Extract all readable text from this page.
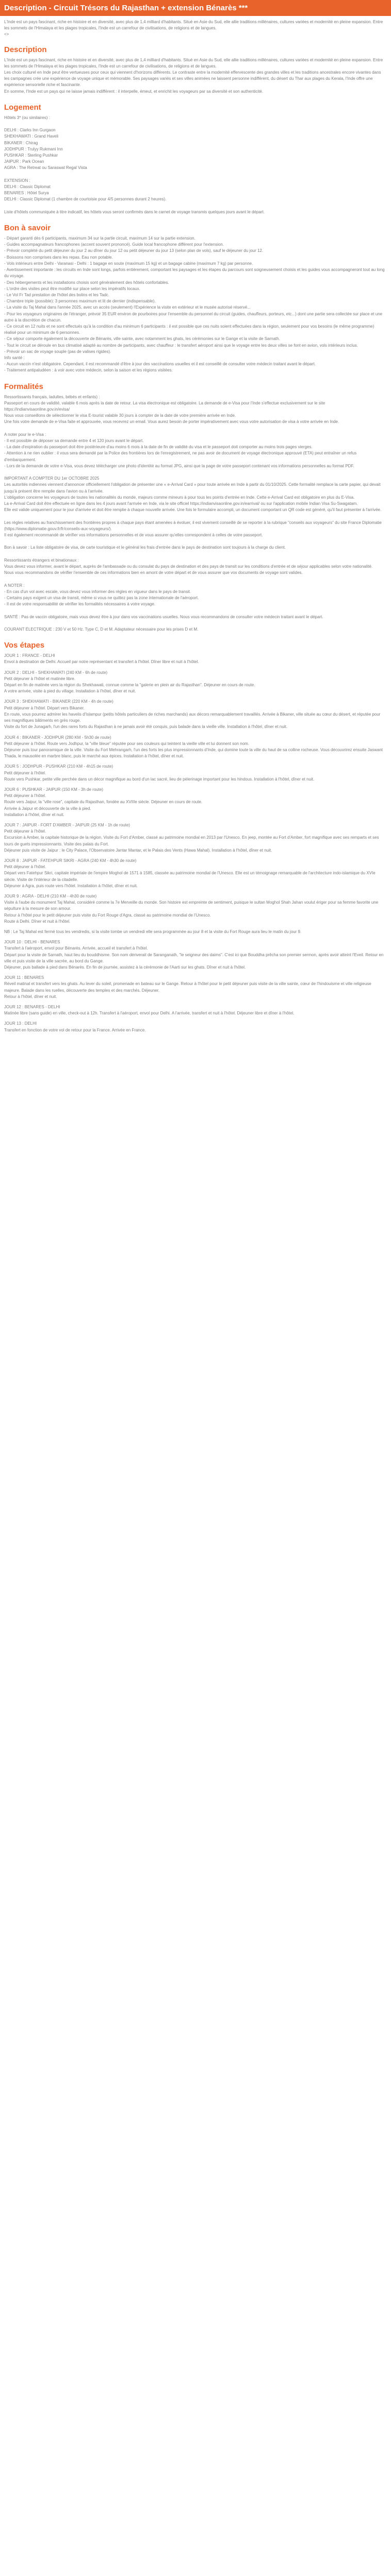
Description - Circuit Trésors du Rajasthan + extension Bénarès ***

L'Inde est un pays fascinant, riche en histoire et en diversité, avec plus de 1,4 milliard d'habitants. Situé en Asie du Sud, elle allie traditions millénaires, cultures variées et modernité en pleine expansion. Entre les sommets de l'Himalaya et les plages tropicales, l'Inde est un carrefour de civilisations, de religions et de langues.
<>

Description

L'Inde est un pays fascinant, riche en histoire et en diversité, avec plus de 1,4 milliard d'habitants. Situé en Asie du Sud, elle allie traditions millénaires, cultures variées et modernité en pleine expansion. Entre les sommets de l'Himalaya et les plages tropicales, l'Inde est un carrefour de civilisations, de religions et de langues.
Les choix culturel en Inde peut être vertueuses pour ceux qui viennent d'horizons différents. Le contraste entre la modernité effervescente des grandes villes et les traditions ancestrales encore vivantes dans les campagnes crée une expérience de voyage unique et mémorable. Ses paysages variés et ses villes animées ne laissent personne indifférent, du désert du Thar aux plages du Kerala, l'Inde offre une expérience sensorielle riche et fascinante.
En somme, l'Inde est un pays qui ne laisse jamais indifférent : il interpelle, émeut, et enrichit les voyageurs par sa diversité et son authenticité.

Logement

Hôtels 3* (ou similaires) :

DELHI : Clarks Inn Gurgaon
SHEKHAWATI : Grand Haveli
BIKANER : Chirag
JODHPUR : Trulyy Rukmani Inn
PUSHKAR : Sterling Pushkar
JAIPUR : Park Ocean
AGRA : The Retreat ou Saraswat Regal Vista

EXTENSION :
DELHI : Classic Diplomat
BENARES : Hôtel Surya
DELHI : Classic Diplomat (1 chambre de courtoisie pour 4/5 personnes durant 2 heures).

Liste d'hôtels communiquée à titre indicatif, les hôtels vous seront confirmés dans le carnet de voyage transmis quelques jours avant le départ.

Bon à savoir

- Départ garanti dès 6 participants, maximum 34 sur la partie circuit, maximum 14 sur la partie extension.
- Guides accompagnateurs francophones (accent souvent prononcé). Guide local francophone différent pour l'extension.
- Prévoir complété du petit déjeuner du jour 2 au dîner du jour 12 ou petit déjeuner du jour 13 (selon plan de vols), sauf le déjeuner du jour 12.
- Boissons non comprises dans les repas. Eau non potable.
- Vols intérieurs entre Delhi - Varanasi - Delhi : 1 bagage en soute (maximum 15 kg) et un bagage cabine (maximum 7 kg) par personne.
- Avertissement importante : les circuits en Inde sont longs, parfois entièrement, comportant les paysages et les étapes du parcours sont soigneusement choisis et les guides vous accompagneront tout au long du voyage.
- Des hébergements et les installations choisis sont généralement des hôtels confortables.
- L'ordre des visites peut être modifié sur place selon les impératifs locaux.
- Le Vol Fr Tad prestation de l'hôtel des bolins et les Tadc.
- Chambre triple (possible): 3 personnes maximum et lit de dernier (indispensable).
- La visite du Taj Mahal dans l'année 2025, avec un accès (seulement) l'Expérience la visite en extérieur et le musée autorisé réservé...
- Pour les voyageurs originaires de l'étranger, prévoir 35 EUR environ de pourboires pour l'ensemble du personnel du circuit (guides, chauffeurs, porteurs, etc...) dont une partie sera collectée sur place et une autre à la discrétion de chacun.
- Ce circuit en 12 nuits et ne sont effectués qu'à la condition d'au minimum 6 participants : il est possible que ces nuits soient effectuées dans la région, seulement pour vos besoins (le même programme) réalisé pour un minimum de 6 personnes.
- Ce séjour comporte également la découverte de Bénarès, ville sainte, avec notamment les ghats, les cérémonies sur le Gange et la visite de Sarnath.
- Tout le circuit se déroule en bus climatisé adapté au nombre de participants, avec chauffeur : le transfert aéroport ainsi que le voyage entre les deux villes se font en avion, vols intérieurs inclus.
- Prévoir un sac de voyage souple (pas de valises rigides).
Info santé :
- Aucun vaccin n'est obligatoire. Cependant, il est recommandé d'être à jour des vaccinations usuelles et il est conseillé de consulter votre médecin traitant avant le départ.
- Traitement antipaludéen : à voir avec votre médecin, selon la saison et les régions visitées.

Formalités

Ressortissants français, ladultes, bébés et enfants) :
Passeport en cours de validité, valable 6 mois après la date de retour. La visa électronique est obligatoire. La demande de e-Visa pour l'Inde s'effectue exclusivement sur le site https://indianvisaonline.gov.in/evisa/
Nous vous conseillons de sélectionner le visa E-tourist valable 30 jours à compter de la date de votre première arrivée en Inde.
Une fois votre demande de e-Visa faite et approuvée, vous recevrez un email. Vous aurez besoin de porter impérativement avec vous votre autorisation de visa à votre arrivée en Inde.

A noter pour le e-Visa :
- Il est possible de déposer sa demande entre 4 et 120 jours avant le départ.
- La date d'expiration du passeport doit être postérieure d'au moins 6 mois à la date de fin de validité du visa et le passeport doit comporter au moins trois pages vierges.
- Attention à ne rien oublier : il vous sera demandé par la Police des frontières lors de l'enregistrement, ne pas avoir de document de voyage électronique approuvé (ETA) peut entraîner un refus d'embarquement.
- Lors de la demande de votre e-Visa, vous devez télécharger une photo d'identité au format JPG, ainsi que la page de votre passeport contenant vos informations personnelles au format PDF.

IMPORTANT A COMPTER DU 1er OCTOBRE 2025
Les autorités indiennes viennent d'annoncer officiellement l'obligation de présenter une « e-Arrival Card » pour toute arrivée en Inde à partir du 01/10/2025. Cette formalité remplace la carte papier, qui devait jusqu'à présent être remplie dans l'avion ou à l'arrivée.
L'obligation concerne les voyageurs de toutes les nationalités du monde, majeurs comme mineurs à pour tous les points d'entrée en Inde. Cette e-Arrival Card est obligatoire en plus du E-Visa.
La e-Arrival Card doit être effectuée en ligne dans les 4 jours avant l'arrivée en Inde, via le site officiel https://indianvisaonline.gov.in/earrival/ ou sur l'application mobile Indian Visa Su-Swagatam.
Elle est valide uniquement pour le jour d'arrivée et doit être remplie à chaque nouvelle arrivée. Une fois le formulaire accompli, un document comportant un QR code est généré, qu'il faut présenter à l'arrivée.

Les règles relatives au franchissement des frontières propres à chaque pays étant amenées à évoluer, il est vivement conseillé de se reporter à la rubrique "conseils aux voyageurs" du site France Diplomatie (https://www.diplomatie.gouv.fr/fr/conseils-aux-voyageurs/).
Il est également recommandé de vérifier vos informations personnelles et de vous assurer qu'elles correspondent à celles de votre passeport.

Bon à savoir : La liste obligatoire de visa, de carte touristique et le général les frais d'entrée dans le pays de destination sont toujours à la charge du client.

Ressortissants étrangers et binationaux :
Vous devez vous informer, avant le départ, auprès de l'ambassade ou du consulat du pays de destination et des pays de transit sur les conditions d'entrée et de séjour applicables selon votre nationalité.
Nous vous recommandons de vérifier l'ensemble de ces informations bien en amont de votre départ et de vous assurer que vos documents de voyage sont valides.

A NOTER :
- En cas d'un vol avec escale, vous devez vous informer des règles en vigueur dans le pays de transit.
- Certains pays exigent un visa de transit, même si vous ne quittez pas la zone internationale de l'aéroport.
- Il est de votre responsabilité de vérifier les formalités nécessaires à votre voyage.

SANTÉ : Pas de vaccin obligatoire, mais vous devez être à jour dans vos vaccinations usuelles. Nous vous recommandons de consulter votre médecin traitant avant le départ.

COURANT ÉLECTRIQUE : 230 V et 50 Hz. Type C, D et M. Adaptateur nécessaire pour les prises D et M.

Vos étapes

JOUR 1 : FRANCE - DELHI

Envol à destination de Delhi. Accueil par notre représentant et transfert à l'hôtel. Dîner libre et nuit à l'hôtel.

JOUR 2 : DELHI - SHEKHAWATI (240 KM - 6h de route)

Petit déjeuner à l'hôtel et matinée libre.
Départ en fin de matinée vers la région du Shekhawati, connue comme la "galerie en plein air du Rajasthan". Déjeuner en cours de route.
A votre arrivée, visite à pied du village. Installation à l'hôtel, dîner et nuit.

JOUR 3 : SHEKHAWATI - BIKANER (220 KM - 4h de route)

Petit déjeuner à l'hôtel. Départ vers Bikaner.
En route, vous pourrez admirer les havelis d'Islampur (petits hôtels particuliers de riches marchands) aux décors remarquablement travaillés. Arrivée à Bikaner, ville située au cœur du désert, et réputée pour ses magnifiques bâtiments en grès rouge.
Visite du fort de Junagarh, l'un des rares forts du Rajasthan à ne jamais avoir été conquis, puis balade dans la vieille ville. Installation à l'hôtel, dîner et nuit.

JOUR 4 : BIKANER - JODHPUR (280 KM - 5h30 de route)

Petit déjeuner à l'hôtel. Route vers Jodhpur, la "ville bleue" réputée pour ses couleurs qui teintent la vieille ville et lui donnent son nom.
Déjeuner puis tour panoramique de la ville. Visite du Fort Mehrangarh, l'un des forts les plus impressionnants d'Inde, qui domine toute la ville du haut de sa colline rocheuse. Vous découvrirez ensuite Jaswant Thada, le mausolée en marbre blanc, puis le marché aux épices. Installation à l'hôtel, dîner et nuit.

JOUR 5 : JODHPUR - PUSHKAR (210 KM - 4h15 de route)

Petit déjeuner à l'hôtel.
Route vers Pushkar, petite ville perchée dans un décor magnifique au bord d'un lac sacré, lieu de pèlerinage important pour les hindous. Installation à l'hôtel, dîner et nuit.

JOUR 6 : PUSHKAR - JAIPUR (150 KM - 3h de route)

Petit déjeuner à l'hôtel.
Route vers Jaipur, la "ville rose", capitale du Rajasthan, fondée au XVIIIe siècle. Déjeuner en cours de route.
Arrivée à Jaipur et découverte de la ville à pied.
Installation à l'hôtel, dîner et nuit.

JOUR 7 : JAIPUR - FORT D'AMBER - JAIPUR (25 KM - 1h de route)

Petit déjeuner à l'hôtel.
Excursion à Amber, la capitale historique de la région. Visite du Fort d'Amber, classé au patrimoine mondial en 2013 par l'Unesco. En jeep, montée au Fort d'Amber, fort magnifique avec ses remparts et ses tours de guets impressionnants. Visite des palais du Fort.
Déjeuner puis visite de Jaipur : le City Palace, l'Observatoire Jantar Mantar, et le Palais des Vents (Hawa Mahal). Installation à l'hôtel, dîner et nuit.

JOUR 8 : JAIPUR - FATEHPUR SIKRI - AGRA (240 KM - 4h30 de route)

Petit déjeuner à l'hôtel.
Départ vers Fatehpur Sikri, capitale impériale de l'empire Moghol de 1571 à 1585, classée au patrimoine mondial de l'Unesco. Elle est un témoignage remarquable de l'architecture indo-islamique du XVIe siècle. Visite de l'intérieur de la citadelle.
Déjeuner à Agra, puis route vers l'hôtel. Installation à l'hôtel, dîner et nuit.

JOUR 9 : AGRA - DELHI (210 KM - 4h30 de route)

Visite à l'aube du monument Taj Mahal, considéré comme la 7e Merveille du monde. Son histoire est empreinte de sentiment, puisque le sultan Moghol Shah Jahan voulut ériger pour sa femme favorite une sépulture à la mesure de son amour.
Retour à l'hôtel pour le petit déjeuner puis visite du Fort Rouge d'Agra, classé au patrimoine mondial de l'Unesco.
Route à Delhi. Dîner et nuit à l'hôtel.

NB : Le Taj Mahal est fermé tous les vendredis, si la visite tombe un vendredi elle sera programmée au jour 8 et la visite du Fort Rouge aura lieu le matin du jour 9.

JOUR 10 : DELHI - BENARES

Transfert à l'aéroport, envol pour Bénarès. Arrivée, accueil et transfert à l'hôtel.
Départ pour la visite de Sarnath, haut lieu du bouddhisme. Son nom dériverait de Saranganath, "le seigneur des daims". C'est ici que Bouddha prêcha son premier sermon, après avoir atteint l'Eveil. Retour en ville et puis visite de la ville sacrée, au bord du Gange.
Déjeuner, puis ballade à pied dans Bénarès. En fin de journée, assistez à la cérémonie de l'Aarti sur les ghats. Dîner et nuit à l'hôtel.

JOUR 11 : BENARES

Réveil matinal et transfert vers les ghats. Au lever du soleil, promenade en bateau sur le Gange. Retour à l'hôtel pour le petit déjeuner puis visite de la ville sainte, cœur de l'hindouisme et ville religieuse majeure. Balade dans les ruelles, découverte des temples et des marchés. Déjeuner.
Retour à l'hôtel, dîner et nuit.

JOUR 12 : BENARES - DELHI

Matinée libre (sans guide) en ville, check-out à 12h. Transfert à l'aéroport, envol pour Delhi. A l'arrivée, transfert et nuit à l'hôtel. Déjeuner libre et dîner à l'hôtel.

JOUR 13 : DELHI

Transfert en fonction de votre vol de retour pour la France. Arrivée en France.
